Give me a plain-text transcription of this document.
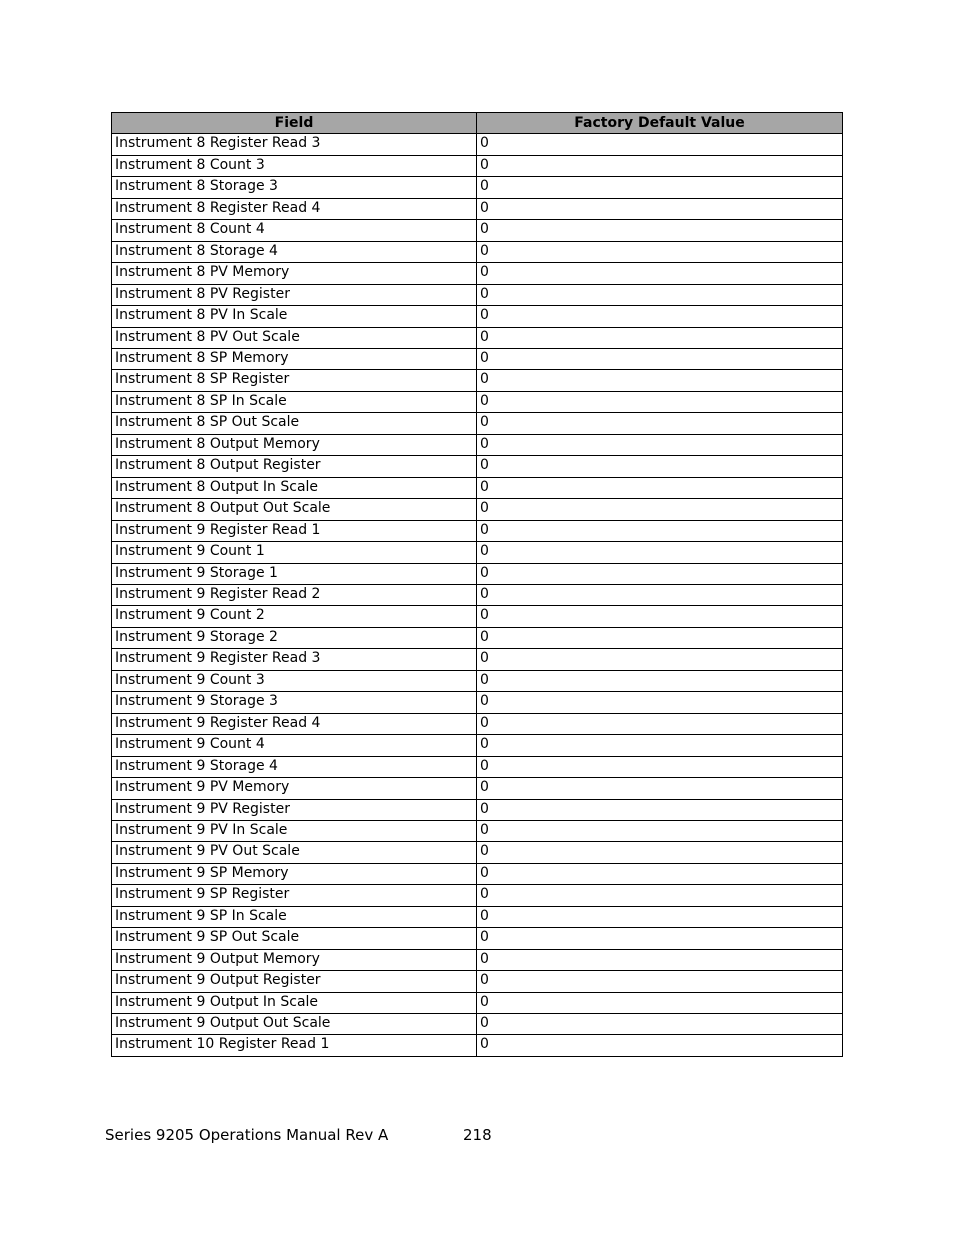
Field	Factory Default Value
Instrument 8 Register Read 3	0
Instrument 8 Count 3	0
Instrument 8 Storage 3	0
Instrument 8 Register Read 4	0
Instrument 8 Count 4	0
Instrument 8 Storage 4	0
Instrument 8 PV Memory	0
Instrument 8 PV Register	0
Instrument 8 PV In Scale	0
Instrument 8 PV Out Scale	0
Instrument 8 SP Memory	0
Instrument 8 SP Register	0
Instrument 8 SP In Scale	0
Instrument 8 SP Out Scale	0
Instrument 8 Output Memory	0
Instrument 8 Output Register	0
Instrument 8 Output In Scale	0
Instrument 8 Output Out Scale	0
Instrument 9 Register Read 1	0
Instrument 9 Count 1	0
Instrument 9 Storage 1	0
Instrument 9 Register Read 2	0
Instrument 9 Count 2	0
Instrument 9 Storage 2	0
Instrument 9 Register Read 3	0
Instrument 9 Count 3	0
Instrument 9 Storage 3	0
Instrument 9 Register Read 4	0
Instrument 9 Count 4	0
Instrument 9 Storage 4	0
Instrument 9 PV Memory	0
Instrument 9 PV Register	0
Instrument 9 PV In Scale	0
Instrument 9 PV Out Scale	0
Instrument 9 SP Memory	0
Instrument 9 SP Register	0
Instrument 9 SP In Scale	0
Instrument 9 SP Out Scale	0
Instrument 9 Output Memory	0
Instrument 9 Output Register	0
Instrument 9 Output In Scale	0
Instrument 9 Output Out Scale	0
Instrument 10 Register Read 1	0
Series 9205 Operations Manual Rev A	218
